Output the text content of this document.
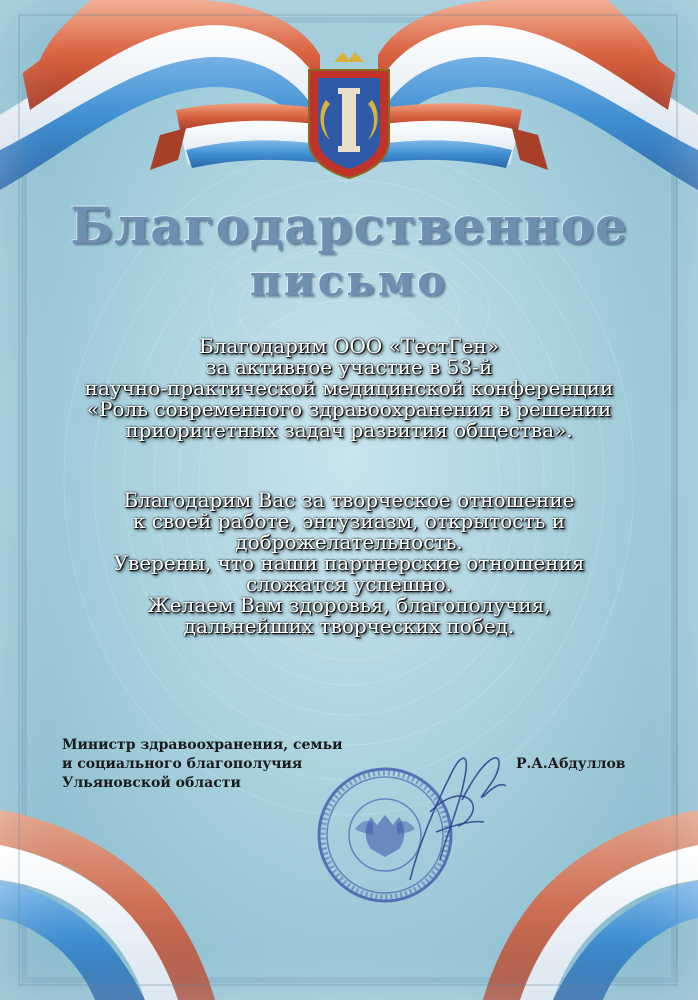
Благодарственное
письмо
Благодарим ООО «ТестГен»
за активное участие в 53-й
научно-практической медицинской конференции
«Роль современного здравоохранения в решении
приоритетных задач развития общества».
Благодарим Вас за творческое отношение
к своей работе, энтузиазм, открытость и
доброжелательность.
Уверены, что наши партнерские отношения
сложатся успешно.
Желаем Вам здоровья, благополучия,
дальнейших творческих побед.
Министр здравоохранения, семьи
и социального благополучия
Ульяновской области
Р.А.Абдуллов
